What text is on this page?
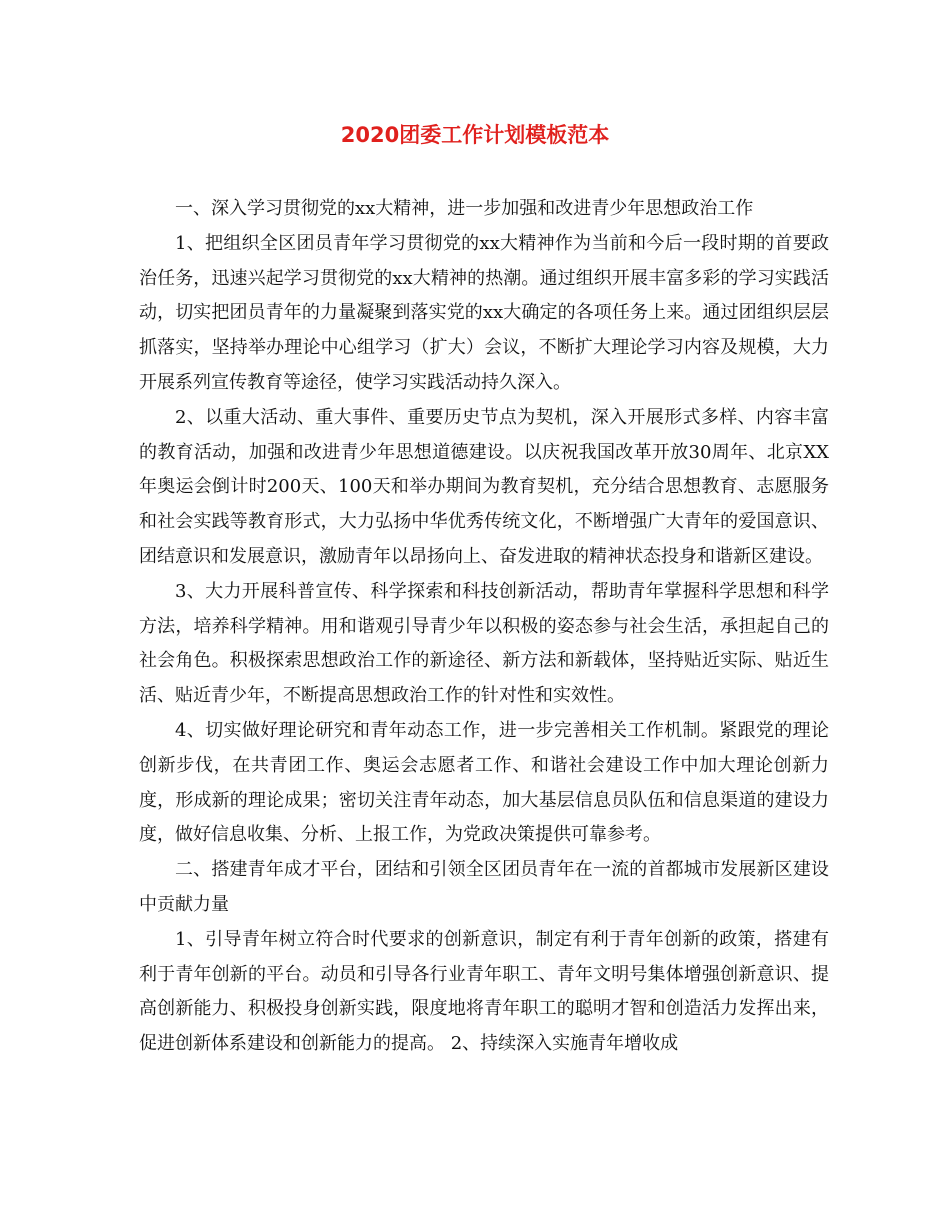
2020团委工作计划模板范本

一、深入学习贯彻党的xx大精神，进一步加强和改进青少年思想政治工作

1、把组织全区团员青年学习贯彻党的xx大精神作为当前和今后一段时期的首要政治任务，迅速兴起学习贯彻党的xx大精神的热潮。通过组织开展丰富多彩的学习实践活动，切实把团员青年的力量凝聚到落实党的xx大确定的各项任务上来。通过团组织层层抓落实，坚持举办理论中心组学习（扩大）会议，不断扩大理论学习内容及规模，大力开展系列宣传教育等途径，使学习实践活动持久深入。

2、以重大活动、重大事件、重要历史节点为契机，深入开展形式多样、内容丰富的教育活动，加强和改进青少年思想道德建设。以庆祝我国改革开放30周年、北京XX年奥运会倒计时200天、100天和举办期间为教育契机，充分结合思想教育、志愿服务和社会实践等教育形式，大力弘扬中华优秀传统文化，不断增强广大青年的爱国意识、团结意识和发展意识，激励青年以昂扬向上、奋发进取的精神状态投身和谐新区建设。

3、大力开展科普宣传、科学探索和科技创新活动，帮助青年掌握科学思想和科学方法，培养科学精神。用和谐观引导青少年以积极的姿态参与社会生活，承担起自己的社会角色。积极探索思想政治工作的新途径、新方法和新载体，坚持贴近实际、贴近生活、贴近青少年，不断提高思想政治工作的针对性和实效性。

4、切实做好理论研究和青年动态工作，进一步完善相关工作机制。紧跟党的理论创新步伐，在共青团工作、奥运会志愿者工作、和谐社会建设工作中加大理论创新力度，形成新的理论成果；密切关注青年动态，加大基层信息员队伍和信息渠道的建设力度，做好信息收集、分析、上报工作，为党政决策提供可靠参考。

二、搭建青年成才平台，团结和引领全区团员青年在一流的首都城市发展新区建设中贡献力量

1、引导青年树立符合时代要求的创新意识，制定有利于青年创新的政策，搭建有利于青年创新的平台。动员和引导各行业青年职工、青年文明号集体增强创新意识、提高创新能力、积极投身创新实践，限度地将青年职工的聪明才智和创造活力发挥出来，促进创新体系建设和创新能力的提高。 2、持续深入实施青年增收成
